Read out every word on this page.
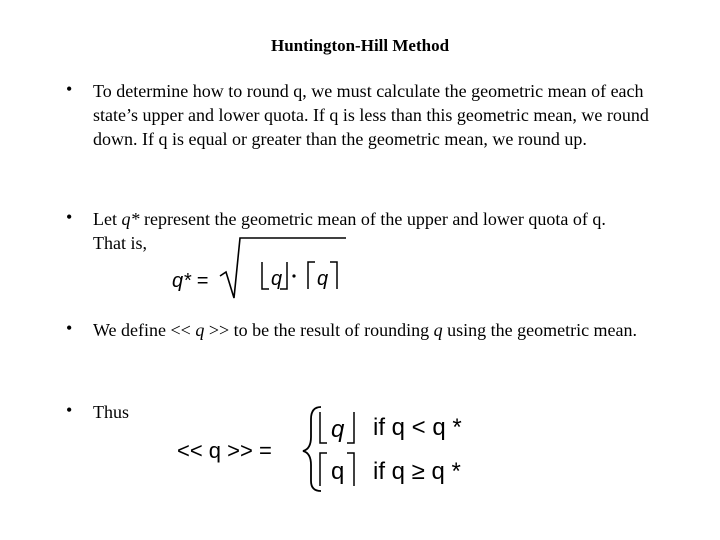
Huntington-Hill Method
• To determine how to round q, we must calculate the geometric mean of each state’s upper and lower quota. If q is less than this geometric mean, we round down. If q is equal or greater than the geometric mean, we round up.
• Let q* represent the geometric mean of the upper and lower quota of q.
That is,
q* =	q q
• We define << q >> to be the result of rounding q using the geometric mean.
• Thus
<< q >> =
q if q < q *
q if q ≥ q *
